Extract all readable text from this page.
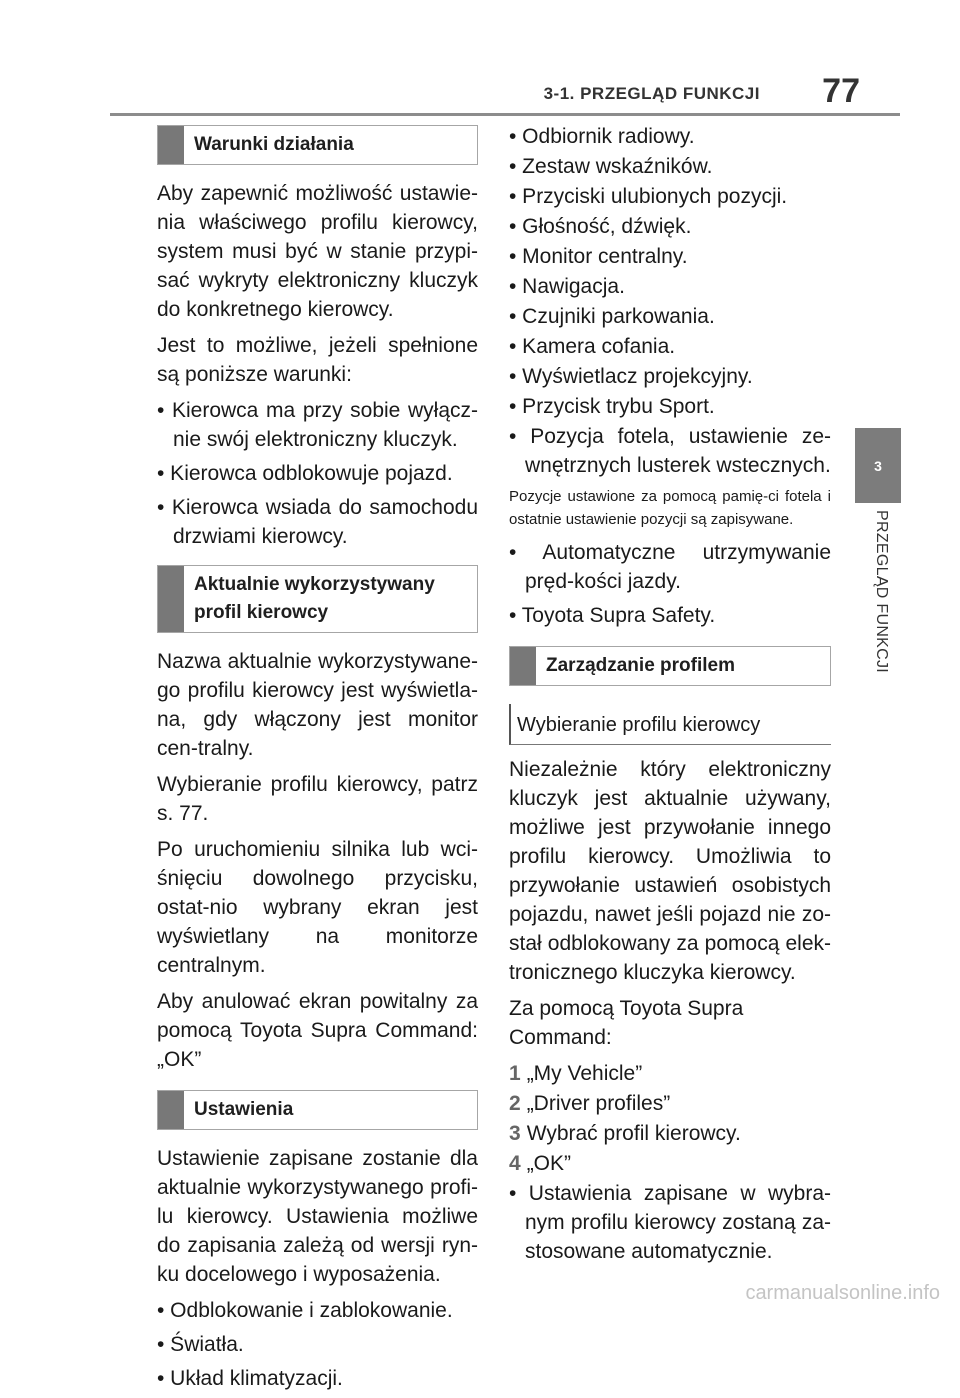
3-1. PRZEGLĄD FUNKCJI	77
3
PRZEGLĄD FUNKCJI
Warunki działania

Aby zapewnić możliwość ustawie-nia właściwego profilu kierowcy, system musi być w stanie przypi-sać wykryty elektroniczny kluczyk do konkretnego kierowcy.

Jest to możliwe, jeżeli spełnione są poniższe warunki:

• Kierowca ma przy sobie wyłącz-nie swój elektroniczny kluczyk.
• Kierowca odblokowuje pojazd.
• Kierowca wsiada do samochodu drzwiami kierowcy.
Aktualnie wykorzystywany profil kierowcy

Nazwa aktualnie wykorzystywane-go profilu kierowcy jest wyświetla-na, gdy włączony jest monitor cen-tralny.

Wybieranie profilu kierowcy, patrz s. 77.

Po uruchomieniu silnika lub wci-śnięciu dowolnego przycisku, ostat-nio wybrany ekran jest wyświetlany na monitorze centralnym.

Aby anulować ekran powitalny za pomocą Toyota Supra Command: „OK”

Ustawienia

Ustawienie zapisane zostanie dla aktualnie wykorzystywanego profi-lu kierowcy. Ustawienia możliwe do zapisania zależą od wersji ryn-ku docelowego i wyposażenia.

• Odblokowanie i zablokowanie.
• Światła.
• Układ klimatyzacji.
• Odbiornik radiowy.
• Zestaw wskaźników.
• Przyciski ulubionych pozycji.
• Głośność, dźwięk.
• Monitor centralny.
• Nawigacja.
• Czujniki parkowania.
• Kamera cofania.
• Wyświetlacz projekcyjny.
• Przycisk trybu Sport.
• Pozycja fotela, ustawienie ze-wnętrznych lusterek wstecznych.
Pozycje ustawione za pomocą pamię-ci fotela i ostatnie ustawienie pozycji są zapisywane.
• Automatyczne utrzymywanie pręd-kości jazdy.
• Toyota Supra Safety.
Zarządzanie profilem
Wybieranie profilu kierowcy

Niezależnie który elektroniczny kluczyk jest aktualnie używany, możliwe jest przywołanie innego profilu kierowcy. Umożliwia to przywołanie ustawień osobistych pojazdu, nawet jeśli pojazd nie zo-stał odblokowany za pomocą elek-tronicznego kluczyka kierowcy.

Za pomocą Toyota Supra Command:

1 „My Vehicle”
2 „Driver profiles”
3 Wybrać profil kierowcy.
4 „OK”
• Ustawienia zapisane w wybra-nym profilu kierowcy zostaną za-stosowane automatycznie.
carmanualsonline.info
